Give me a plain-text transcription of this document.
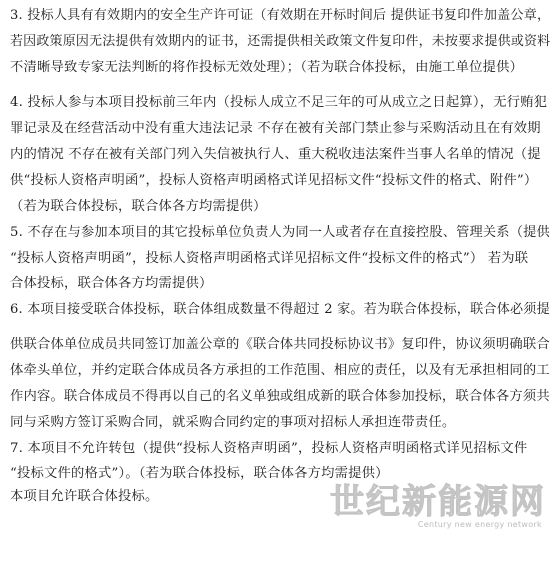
3. 投标人具有有效期内的安全生产许可证（有效期在开标时间后 提供证书复印件加盖公章，
若因政策原因无法提供有效期内的证书，还需提供相关政策文件复印件，未按要求提供或资料
不清晰导致专家无法判断的将作投标无效处理）；（若为联合体投标，由施工单位提供）
4. 投标人参与本项目投标前三年内（投标人成立不足三年的可从成立之日起算），无行贿犯
罪记录及在经营活动中没有重大违法记录 不存在被有关部门禁止参与采购活动且在有效期
内的情况 不存在被有关部门列入失信被执行人、重大税收违法案件当事人名单的情况（提
供“投标人资格声明函”，投标人资格声明函格式详见招标文件“投标文件的格式、附件”）
（若为联合体投标，联合体各方均需提供）
5. 不存在与参加本项目的其它投标单位负责人为同一人或者存在直接控股、管理关系（提供
“投标人资格声明函”，投标人资格声明函格式详见招标文件“投标文件的格式”） 若为联
合体投标，联合体各方均需提供）
6. 本项目接受联合体投标，联合体组成数量不得超过 2 家。若为联合体投标，联合体必须提
供联合体单位成员共同签订加盖公章的《联合体共同投标协议书》复印件，协议须明确联合
体牵头单位，并约定联合体成员各方承担的工作范围、相应的责任，以及有无承担相同的工
作内容。联合体成员不得再以自己的名义单独或组成新的联合体参加投标，联合体各方须共
同与采购方签订采购合同，就采购合同约定的事项对招标人承担连带责任。
7. 本项目不允许转包（提供“投标人资格声明函”，投标人资格声明函格式详见招标文件
“投标文件的格式”）。（若为联合体投标，联合体各方均需提供）
本项目允许联合体投标。	世纪新能源网
Century new energy network
